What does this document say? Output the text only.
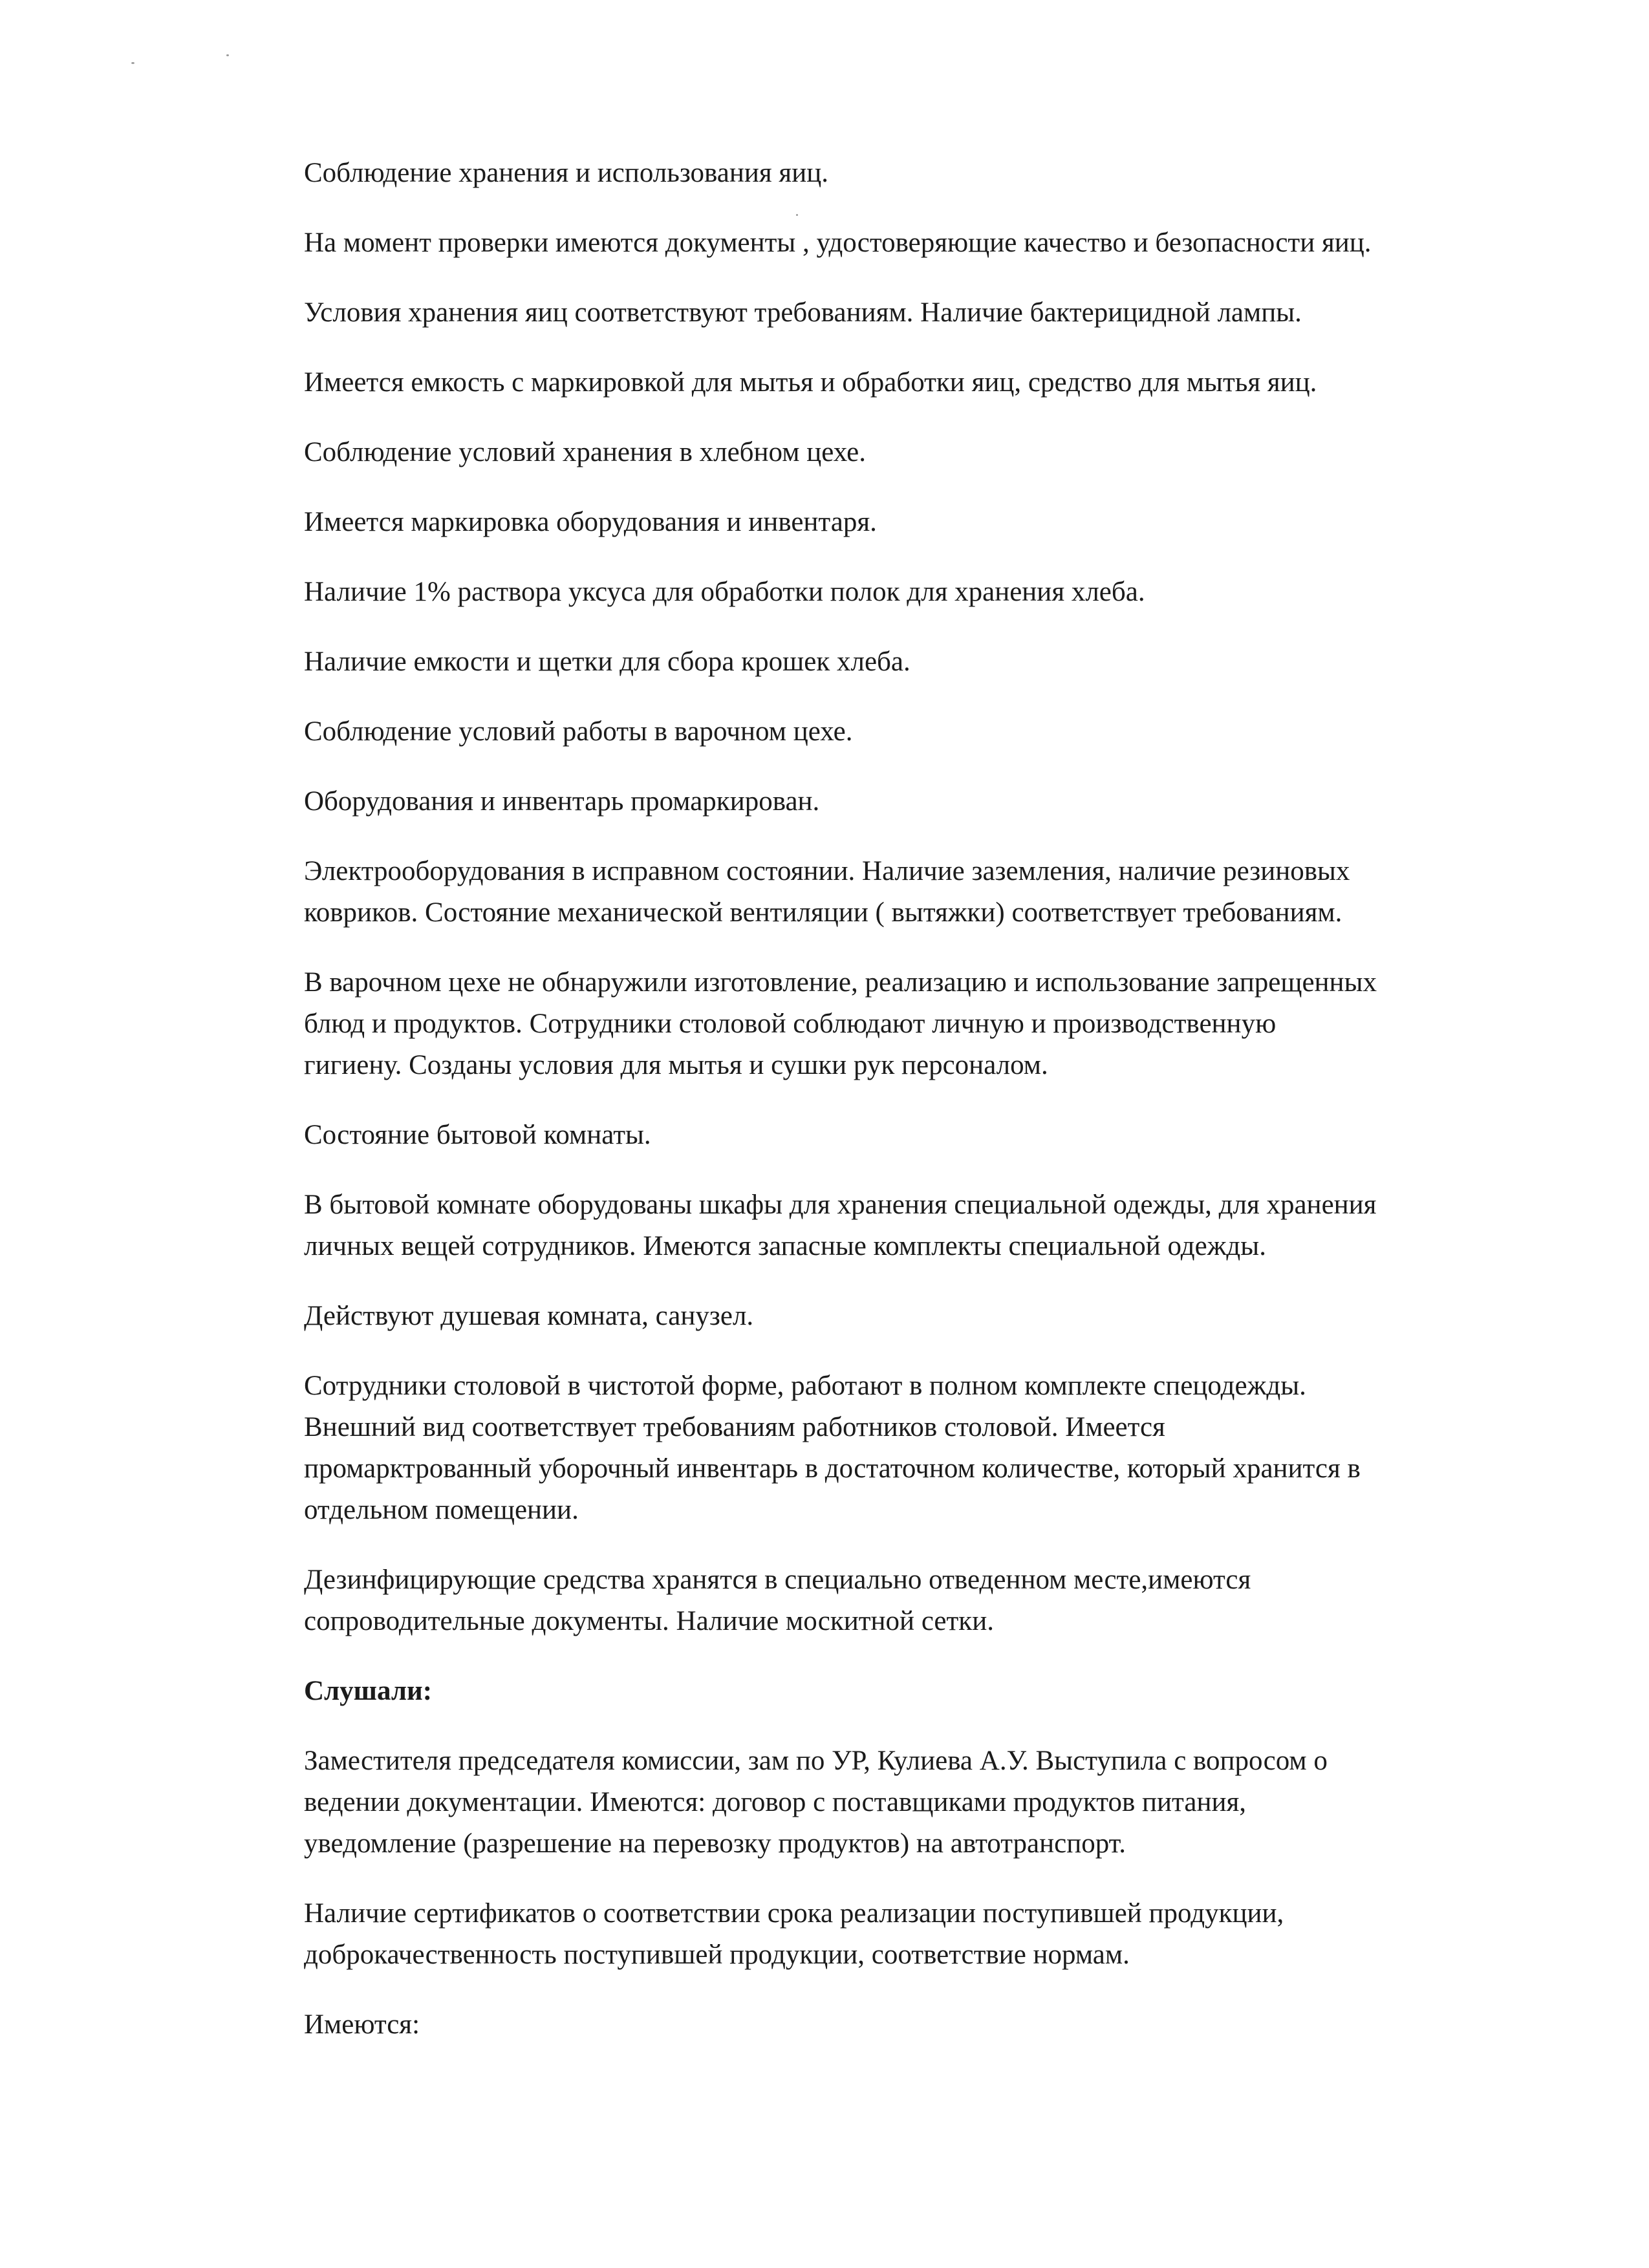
Соблюдение хранения и использования яиц.

На момент проверки имеются документы , удостоверяющие качество и безопасности яиц.

Условия хранения яиц соответствуют требованиям. Наличие бактерицидной лампы.

Имеется емкость с маркировкой для мытья и обработки яиц, средство для мытья яиц.

Соблюдение условий хранения в хлебном цехе.

Имеется маркировка оборудования и инвентаря.

Наличие 1% раствора уксуса для обработки полок для хранения хлеба.

Наличие емкости и щетки для сбора крошек хлеба.

Соблюдение условий работы в варочном цехе.

Оборудования и инвентарь промаркирован.

Электрооборудования в исправном состоянии. Наличие заземления, наличие резиновых
ковриков. Состояние механической вентиляции ( вытяжки) соответствует требованиям.

В варочном цехе не обнаружили изготовление, реализацию и использование запрещенных
блюд и продуктов. Сотрудники столовой соблюдают личную и производственную
гигиену. Созданы условия для мытья и сушки рук персоналом.

Состояние бытовой комнаты.

В бытовой комнате оборудованы шкафы для хранения специальной одежды, для хранения
личных вещей сотрудников. Имеются запасные комплекты специальной одежды.

Действуют душевая комната, санузел.

Сотрудники столовой в чистотой форме, работают в полном комплекте спецодежды.
Внешний вид соответствует требованиям работников столовой. Имеется
промарктрованный уборочный инвентарь в достаточном количестве, который хранится в
отдельном помещении.

Дезинфицирующие средства хранятся в специально отведенном месте,имеются
сопроводительные документы. Наличие москитной сетки.

Слушали:

Заместителя председателя комиссии, зам по УР, Кулиева А.У. Выступила с вопросом о
ведении документации. Имеются: договор с поставщиками продуктов питания,
уведомление (разрешение на перевозку продуктов) на автотранспорт.

Наличие сертификатов о соответствии срока реализации поступившей продукции,
доброкачественность поступившей продукции, соответствие нормам.

Имеются:
